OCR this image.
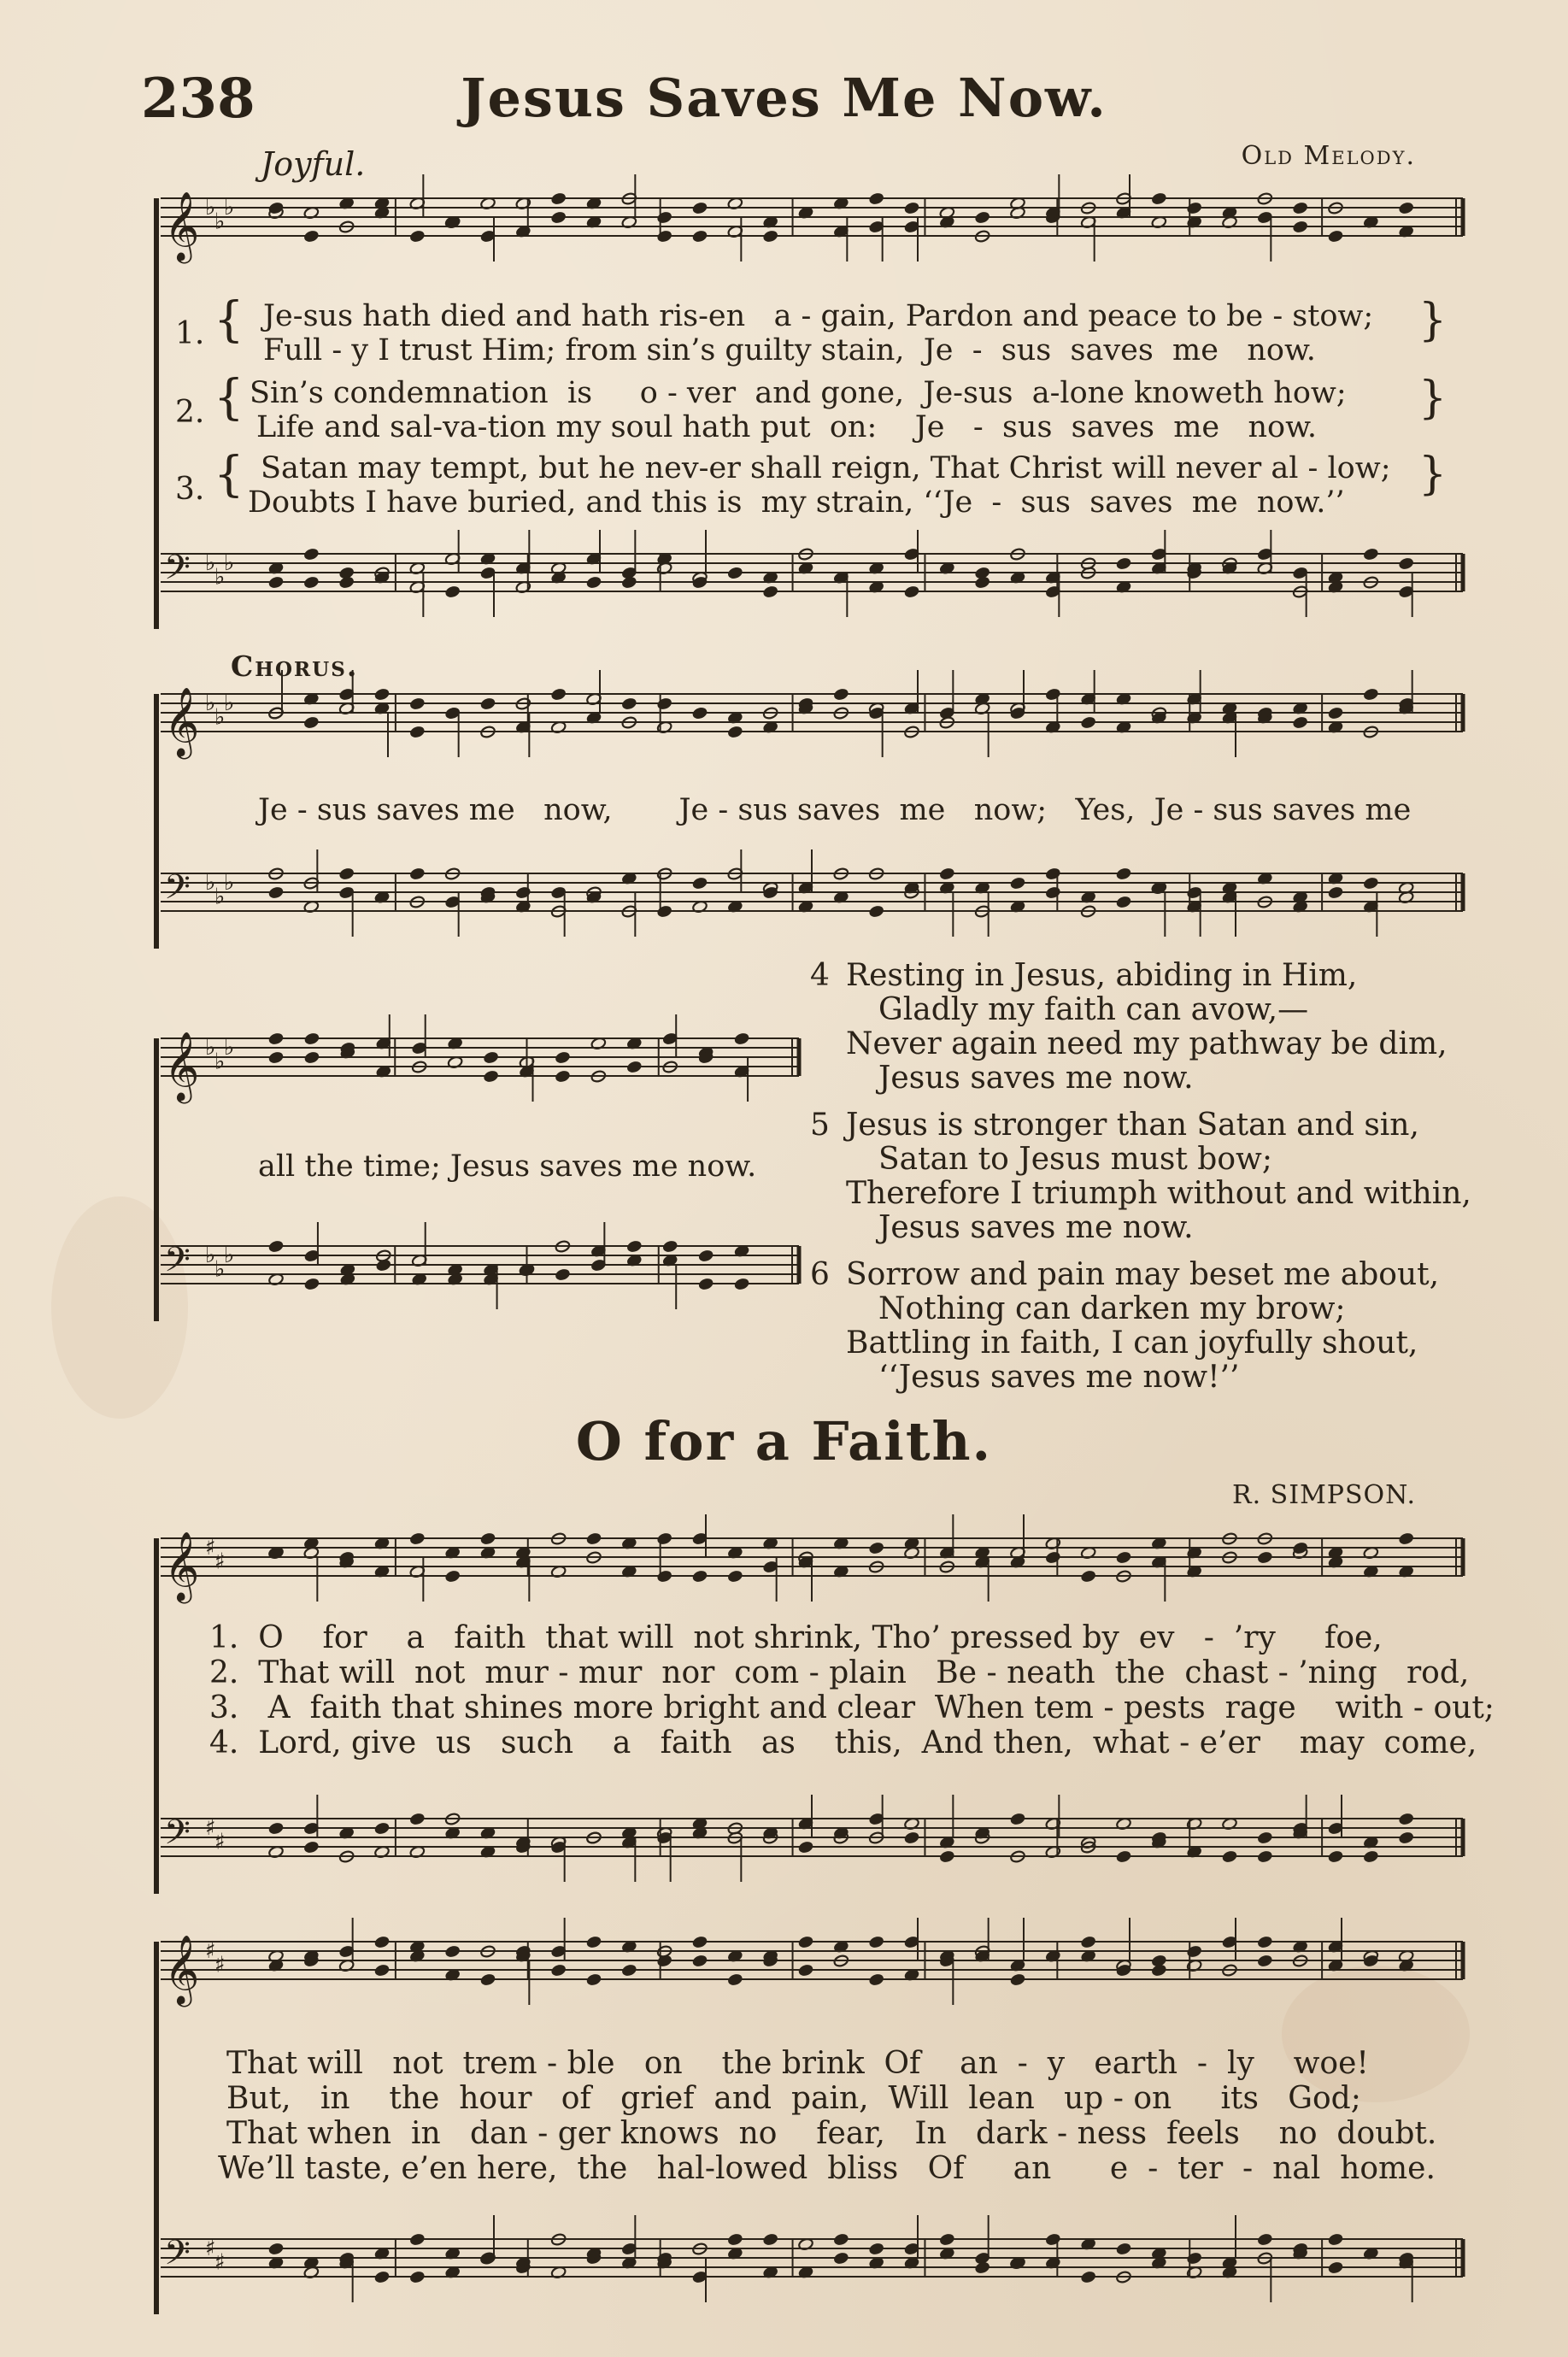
238	Jesus Saves Me Now.
Joyful.	Old Melody.
𝄞 ♭
♭
♭
𝄢 ♭
♭
♭
𝄞 ♭
♭
♭
𝄢 ♭
♭
♭
𝄞 ♭
♭
♭
𝄢 ♭
♭
♭
𝄞 ♯
♯
𝄢 ♯
♯
𝄞 ♯
♯
𝄢 ♯
♯
1. { Je-sus hath died and hath ris-en   a - gain, Pardon and peace to be - stow;
Full - y I trust Him; from sin’s guilty stain,  Je  -  sus  saves  me   now.
}
2. { Sin’s condemnation  is     o - ver  and gone,  Je-sus  a-lone knoweth how;
Life and sal-va-tion my soul hath put  on:    Je   -  sus  saves  me   now.
}
3. { Satan may tempt, but he nev-er shall reign, That Christ will never al - low;
Doubts I have buried, and this is  my strain, ‘‘Je  -  sus  saves  me  now.’’
}
Chorus.
Je - sus saves me   now,       Je - sus saves  me   now;   Yes,  Je - sus saves me
all the time; Jesus saves me now.
4 Resting in Jesus, abiding in Him,
Gladly my faith can avow,—
Never again need my pathway be dim,
Jesus saves me now.
5 Jesus is stronger than Satan and sin,
Satan to Jesus must bow;
Therefore I triumph without and within,
Jesus saves me now.
6 Sorrow and pain may beset me about,
Nothing can darken my brow;
Battling in faith, I can joyfully shout,
‘‘Jesus saves me now!’’
O for a Faith.
R. SIMPSON.
1.  O    for    a   faith  that will  not shrink, Tho’ pressed by  ev   -  ’ry     foe,
2.  That will  not  mur - mur  nor  com - plain   Be - neath  the  chast - ’ning   rod,
3.   A  faith that shines more bright and clear  When tem - pests  rage    with - out;
4.  Lord, give  us   such    a   faith   as    this,  And then,  what - e’er    may  come,
That will   not  trem - ble   on    the brink  Of    an  -  y   earth  -  ly    woe!
But,   in    the  hour   of   grief  and  pain,  Will  lean   up - on     its   God;
That when  in   dan - ger knows  no    fear,   In   dark - ness  feels    no  doubt.
We’ll taste, e’en here,  the   hal-lowed  bliss   Of     an      e  -  ter  -  nal  home.
